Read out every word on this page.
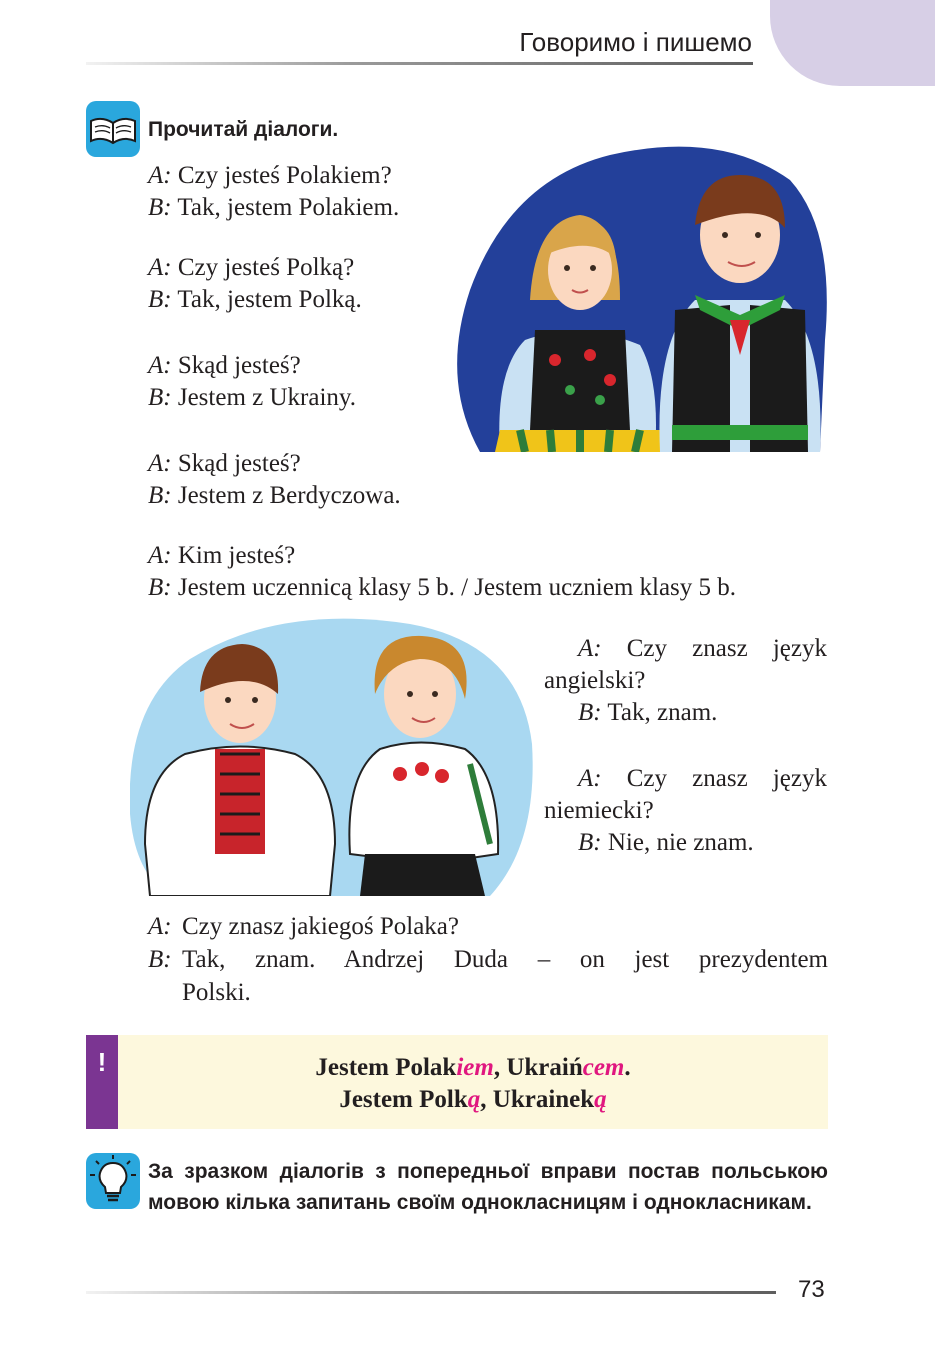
Говоримо і пишемо
Прочитай діалоги.
A: Czy jesteś Polakiem?
B: Tak, jestem Polakiem.
A: Czy jesteś Polką?
B: Tak, jestem Polką.
A: Skąd jesteś?
B: Jestem z Ukrainy.
A: Skąd jesteś?
B: Jestem z Berdyczowa.
A: Kim jesteś?
B: Jestem uczennicą klasy 5 b. / Jestem uczniem klasy 5 b.
A: Czy znasz język angielski?
B: Tak, znam.
A: Czy znasz język niemiecki?
B: Nie, nie znam.
A: Czy znasz jakiegoś Polaka?
B: Tak, znam. Andrzej Duda – on jest prezydentem
Polski.
!	Jestem Polakiem, Ukraińcem.
Jestem Polką, Ukraineką
За зразком діалогів з попередньої вправи постав польською мовою кілька запитань своїм однокласницям і однокласникам.
73
